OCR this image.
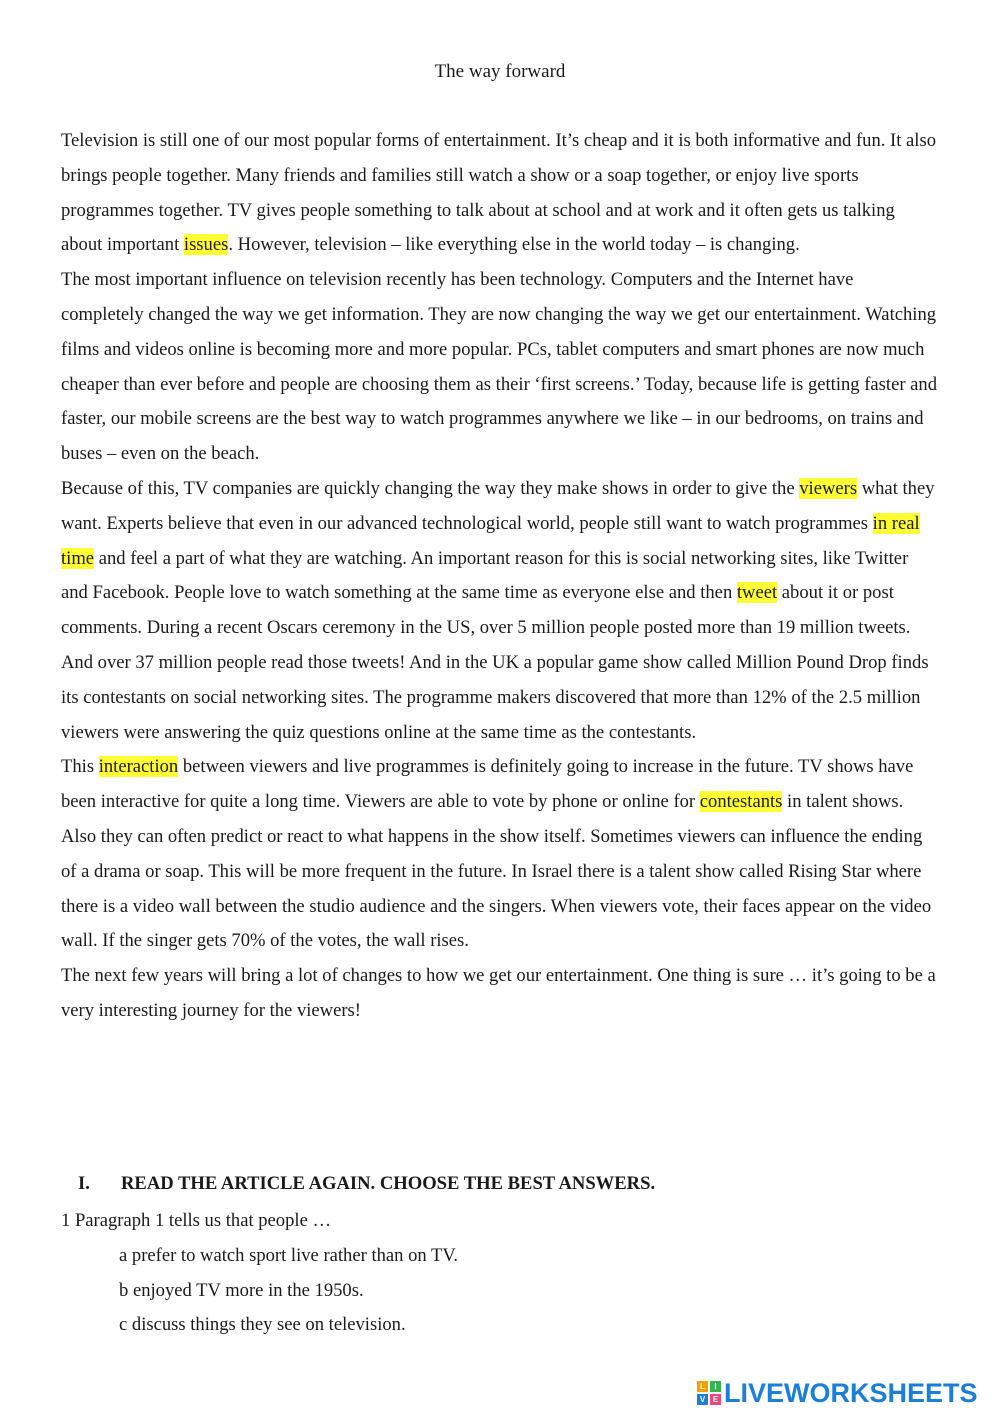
The way forward

Television is still one of our most popular forms of entertainment. It’s cheap and it is both informative and fun. It also brings people together. Many friends and families still watch a show or a soap together, or enjoy live sports programmes together. TV gives people something to talk about at school and at work and it often gets us talking about important issues. However, television – like everything else in the world today – is changing.

The most important influence on television recently has been technology. Computers and the Internet have completely changed the way we get information. They are now changing the way we get our entertainment. Watching films and videos online is becoming more and more popular. PCs, tablet computers and smart phones are now much cheaper than ever before and people are choosing them as their ‘first screens.’ Today, because life is getting faster and faster, our mobile screens are the best way to watch programmes anywhere we like – in our bedrooms, on trains and buses – even on the beach.

Because of this, TV companies are quickly changing the way they make shows in order to give the viewers what they want. Experts believe that even in our advanced technological world, people still want to watch programmes in real time and feel a part of what they are watching. An important reason for this is social networking sites, like Twitter and Facebook. People love to watch something at the same time as everyone else and then tweet about it or post comments. During a recent Oscars ceremony in the US, over 5 million people posted more than 19 million tweets. And over 37 million people read those tweets! And in the UK a popular game show called Million Pound Drop finds its contestants on social networking sites. The programme makers discovered that more than 12% of the 2.5 million viewers were answering the quiz questions online at the same time as the contestants.

This interaction between viewers and live programmes is definitely going to increase in the future. TV shows have been interactive for quite a long time. Viewers are able to vote by phone or online for contestants in talent shows. Also they can often predict or react to what happens in the show itself. Sometimes viewers can influence the ending of a drama or soap. This will be more frequent in the future. In Israel there is a talent show called Rising Star where there is a video wall between the studio audience and the singers. When viewers vote, their faces appear on the video wall. If the singer gets 70% of the votes, the wall rises.

The next few years will bring a lot of changes to how we get our entertainment. One thing is sure … it’s going to be a very interesting journey for the viewers!

I. READ THE ARTICLE AGAIN. CHOOSE THE BEST ANSWERS.

1 Paragraph 1 tells us that people …

a prefer to watch sport live rather than on TV.

b enjoyed TV more in the 1950s.

c discuss things they see on television.

L	I
V E LIVEWORKSHEETS
